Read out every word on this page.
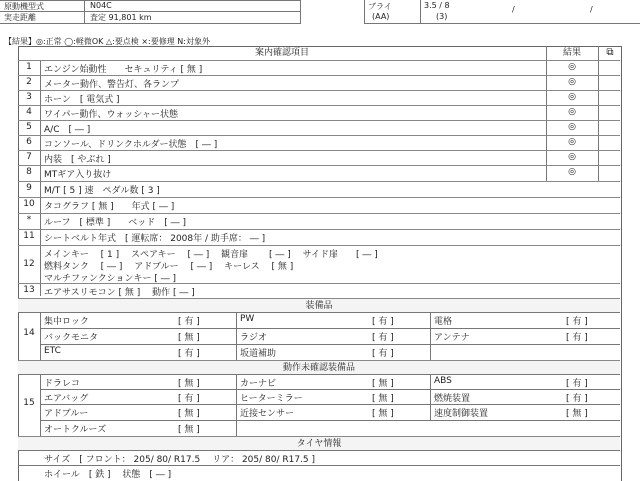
原動機型式	N04C
実走距離	査定 91,801 km
ブライ	3.5 / 8
(AA)	(3)
/	/
【結果】◎:正常 ◯:軽微OK △:要点検 ×:要修理 N:対象外
案内確認項目	結果	⧉
1	エンジン始動性　　セキュリティ [ 無 ]	◎
2	メーター動作、警告灯、各ランプ	◎
3	ホーン　[ 電気式 ]	◎
4	ワイパー動作、ウォッシャー状態	◎
5	A/C　[ ― ]	◎
6	コンソール、ドリンクホルダー状態　[ ― ]	◎
7	内装　[ やぶれ ]	◎
8	MTギア入り抜け	◎
9	M/T [ 5 ] 速　ペダル数 [ 3 ]
10	タコグラフ [ 無 ]　　年式 [ ― ]
*	ルーフ　[ 標準 ]　　ベッド　[ ― ]
11	シートベルト年式　[ 運転席： 2008年 / 助手席： ― ]
12
メインキー　 [ 1 ]　 スペアキー　 [ ― ]　 観音扉　　 [ ― ]　 サイド扉　　[ ― ]
燃料タンク　 [ ― ]　 アドブルー　 [ ― ]　 キーレス　 [ 無 ]
マルチファンクションキー [ ― ]
13	エアサスリモコン [ 無 ]　 動作 [ ― ]
装備品
14
集中ロック	[ 有 ]	PW	[ 有 ]	電格	[ 有 ]
バックモニタ	[ 無 ]	ラジオ	[ 有 ]	アンテナ	[ 有 ]
ETC	[ 有 ]	坂道補助	[ 有 ]
動作未確認装備品
15
ドラレコ	[ 無 ]	カーナビ	[ 無 ]	ABS	[ 有 ]
エアバッグ	[ 有 ]	ヒーターミラー	[ 無 ]	燃焼装置	[ 有 ]
アドブルー	[ 無 ]	近接センサー	[ 無 ]	速度制御装置	[ 無 ]
オートクルーズ	[ 無 ]
タイヤ情報
サイズ　[ フロント： 205/ 80/ R17.5　 リア： 205/ 80/ R17.5 ]
ホイール　[ 鉄 ]　 状態　[ ― ]
